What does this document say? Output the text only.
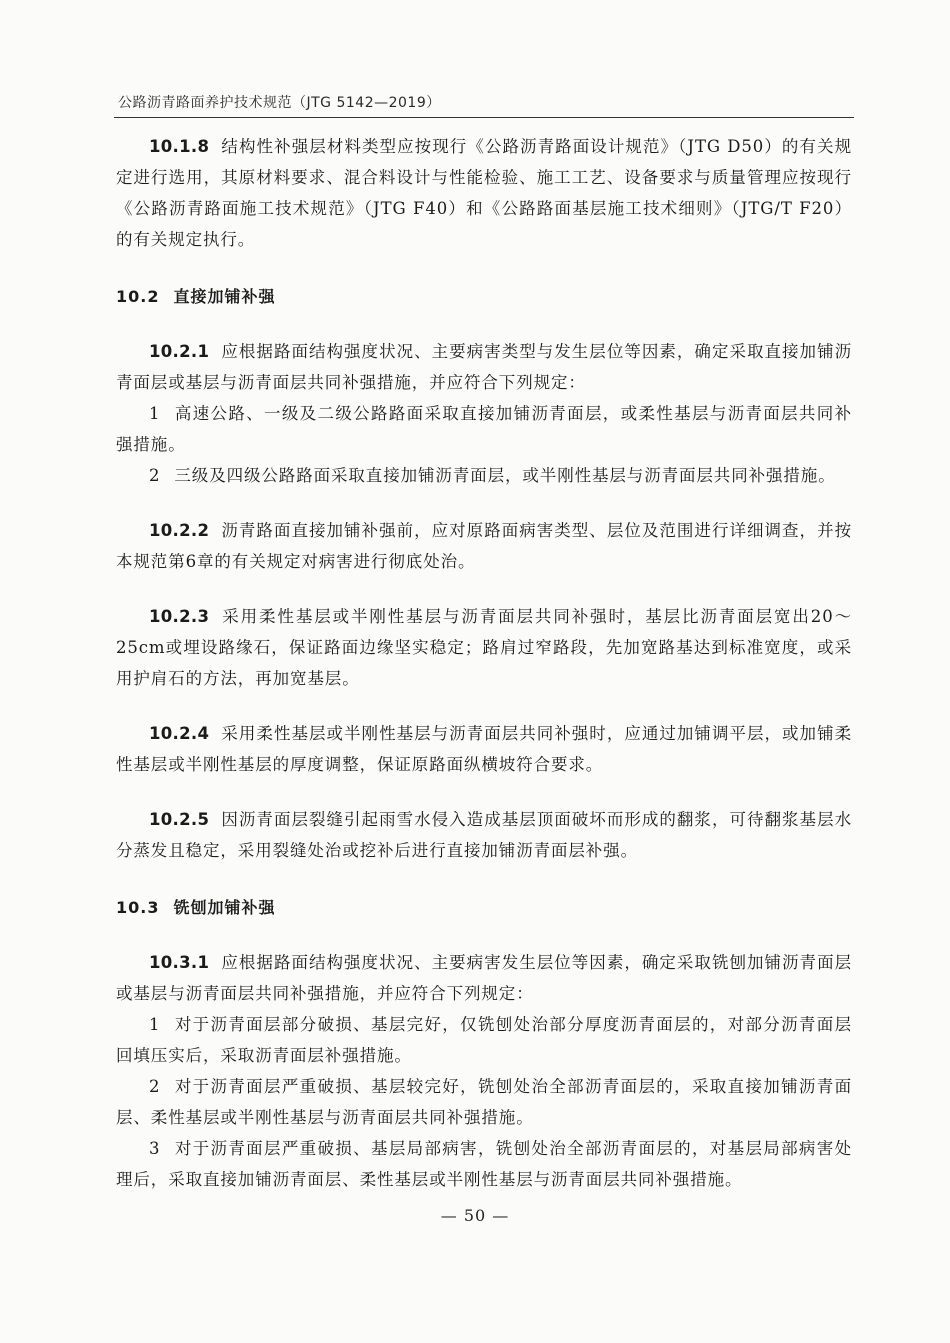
公路沥青路面养护技术规范（JTG 5142—2019）

10.1.8 结构性补强层材料类型应按现行《公路沥青路面设计规范》（JTG D50）的有关规定进行选用，其原材料要求、混合料设计与性能检验、施工工艺、设备要求与质量管理应按现行《公路沥青路面施工技术规范》（JTG F40）和《公路路面基层施工技术细则》（JTG/T F20）的有关规定执行。

10.2 直接加铺补强

10.2.1 应根据路面结构强度状况、主要病害类型与发生层位等因素，确定采取直接加铺沥青面层或基层与沥青面层共同补强措施，并应符合下列规定：

1 高速公路、一级及二级公路路面采取直接加铺沥青面层，或柔性基层与沥青面层共同补强措施。

2 三级及四级公路路面采取直接加铺沥青面层，或半刚性基层与沥青面层共同补强措施。

10.2.2 沥青路面直接加铺补强前，应对原路面病害类型、层位及范围进行详细调查，并按本规范第6章的有关规定对病害进行彻底处治。

10.2.3 采用柔性基层或半刚性基层与沥青面层共同补强时，基层比沥青面层宽出20～25cm或埋设路缘石，保证路面边缘坚实稳定；路肩过窄路段，先加宽路基达到标准宽度，或采用护肩石的方法，再加宽基层。

10.2.4 采用柔性基层或半刚性基层与沥青面层共同补强时，应通过加铺调平层，或加铺柔性基层或半刚性基层的厚度调整，保证原路面纵横坡符合要求。

10.2.5 因沥青面层裂缝引起雨雪水侵入造成基层顶面破坏而形成的翻浆，可待翻浆基层水分蒸发且稳定，采用裂缝处治或挖补后进行直接加铺沥青面层补强。

10.3 铣刨加铺补强

10.3.1 应根据路面结构强度状况、主要病害发生层位等因素，确定采取铣刨加铺沥青面层或基层与沥青面层共同补强措施，并应符合下列规定：

1 对于沥青面层部分破损、基层完好，仅铣刨处治部分厚度沥青面层的，对部分沥青面层回填压实后，采取沥青面层补强措施。

2 对于沥青面层严重破损、基层较完好，铣刨处治全部沥青面层的，采取直接加铺沥青面层、柔性基层或半刚性基层与沥青面层共同补强措施。

3 对于沥青面层严重破损、基层局部病害，铣刨处治全部沥青面层的，对基层局部病害处理后，采取直接加铺沥青面层、柔性基层或半刚性基层与沥青面层共同补强措施。

— 50 —
